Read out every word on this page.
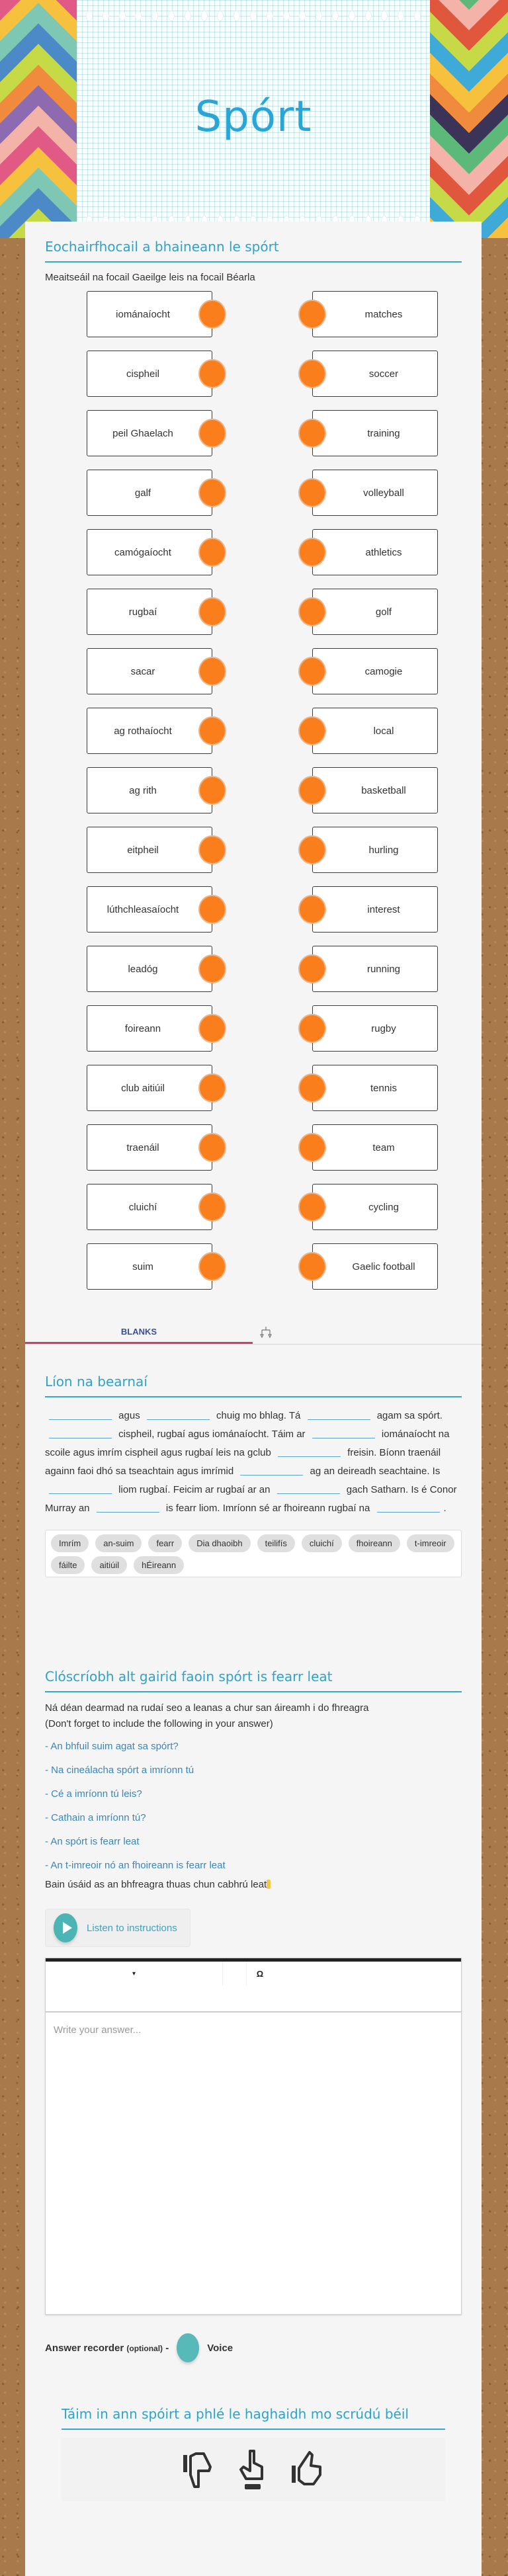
Spórt
Eochairfhocail a bhaineann le spórt
Meaitseáil na focail Gaeilge leis na focail Béarla
iománaíocht	matches
cispheil	soccer
peil Ghaelach	training
galf	volleyball
camógaíocht	athletics
rugbaí	golf
sacar	camogie
ag rothaíocht	local
ag rith	basketball
eitpheil	hurling
lúthchleasaíocht	interest
leadóg	running
foireann	rugby
club aitiúil	tennis
traenáil	team
cluichí	cycling
suim	Gaelic football
BLANKS
Líon na bearnaí
agus	chuig mo bhlag. Tá	agam sa spórt.  cispheil, rugbaí agus iománaíocht. Táim ar	iománaíocht na scoile agus imrím cispheil agus rugbaí leis na gclub	freisin. Bíonn traenáil againn faoi dhó sa tseachtain agus imrímid	ag an deireadh seachtaine. Is  liom rugbaí. Feicim ar rugbaí ar an	gach Satharn. Is é Conor Murray an	is fearr liom. Imríonn sé ar fhoireann rugbaí na	.
Imrím	an-suim	fearr	Dia dhaoibh	teilifís	cluichí	fhoireann	t-imreoir
fáilte	aitiúil	hÉireann
Clóscríobh alt gairid faoin spórt is fearr leat
Ná déan dearmad na rudaí seo a leanas a chur san áireamh i do fhreagra
(Don't forget to include the following in your answer)
- An bhfuil suim agat sa spórt?
- Na cineálacha spórt a imríonn tú
- Cé a imríonn tú leis?
- Cathain a imríonn tú?
- An spórt is fearr leat
- An t-imreoir nó an fhoireann is fearr leat
Bain úsáid as an bhfreagra thuas chun cabhrú leat
Listen to instructions
▾	Ω
Write your answer...
Answer recorder (optional) -	Voice
Táim in ann spóirt a phlé le haghaidh mo scrúdú béil
